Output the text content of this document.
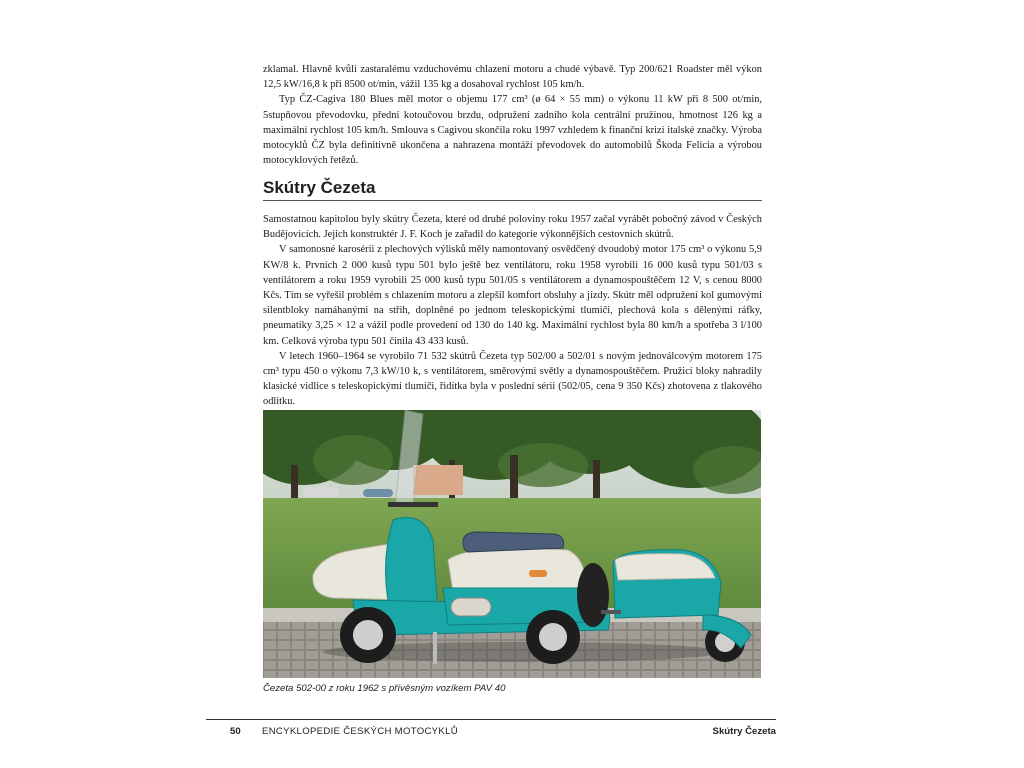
zklamal. Hlavně kvůli zastaralému vzduchovému chlazení motoru a chudé výbavě. Typ 200/621 Roadster měl výkon 12,5 kW/16,8 k při 8500 ot/min, vážil 135 kg a dosahoval rychlost 105 km/h.

Typ ČZ-Cagiva 180 Blues měl motor o objemu 177 cm³ (ø 64 × 55 mm) o výkonu 11 kW při 8 500 ot/min, 5stupňovou převodovku, přední kotoučovou brzdu, odpružení zadního kola centrální pružinou, hmotnost 126 kg a maximální rychlost 105 km/h. Smlouva s Cagivou skončila roku 1997 vzhledem k finanční krizi italské značky. Výroba motocyklů ČZ byla definitivně ukončena a nahrazena montáží převodovek do automobilů Škoda Felicia a výrobou motocyklových řetězů.

Skútry Čezeta

Samostatnou kapitolou byly skútry Čezeta, které od druhé poloviny roku 1957 začal vyrábět pobočný závod v Českých Budějovicích. Jejich konstruktér J. F. Koch je zařadil do kategorie výkonnějších cestovních skútrů.

V samonosné karosérii z plechových výlisků měly namontovaný osvědčený dvoudobý motor 175 cm³ o výkonu 5,9 KW/8 k. Prvních 2 000 kusů typu 501 bylo ještě bez ventilátoru, roku 1958 vyrobili 16 000 kusů typu 501/03 s ventilátorem a roku 1959 vyrobili 25 000 kusů typu 501/05 s ventilátorem a dynamospouštěčem 12 V, s cenou 8000 Kčs. Tím se vyřešil problém s chlazením motoru a zlepšil komfort obsluhy a jízdy. Skútr měl odpružení kol gumovými silentbloky namáhanými na střih, doplněné po jednom teleskopickými tlumiči, plechová kola s dělenými ráfky, pneumatiky 3,25 × 12 a vážil podle provedení od 130 do 140 kg. Maximální rychlost byla 80 km/h a spotřeba 3 l/100 km. Celková výroba typu 501 činila 43 433 kusů.

V letech 1960–1964 se vyrobilo 71 532 skútrů Čezeta typ 502/00 a 502/01 s novým jednoválcovým motorem 175 cm³ typu 450 o výkonu 7,3 kW/10 k, s ventilátorem, směrovými světly a dynamospouštěčem. Pružicí bloky nahradily klasické vidlice s teleskopickými tlumiči, řidítka byla v poslední sérii (502/05, cena 9 350 Kčs) zhotovena z tlakového odlitku.

Čezeta 502-00 z roku 1962 s přívěsným vozíkem PAV 40
50 ENCYKLOPEDIE ČESKÝCH MOTOCYKLŮ	Skútry Čezeta
